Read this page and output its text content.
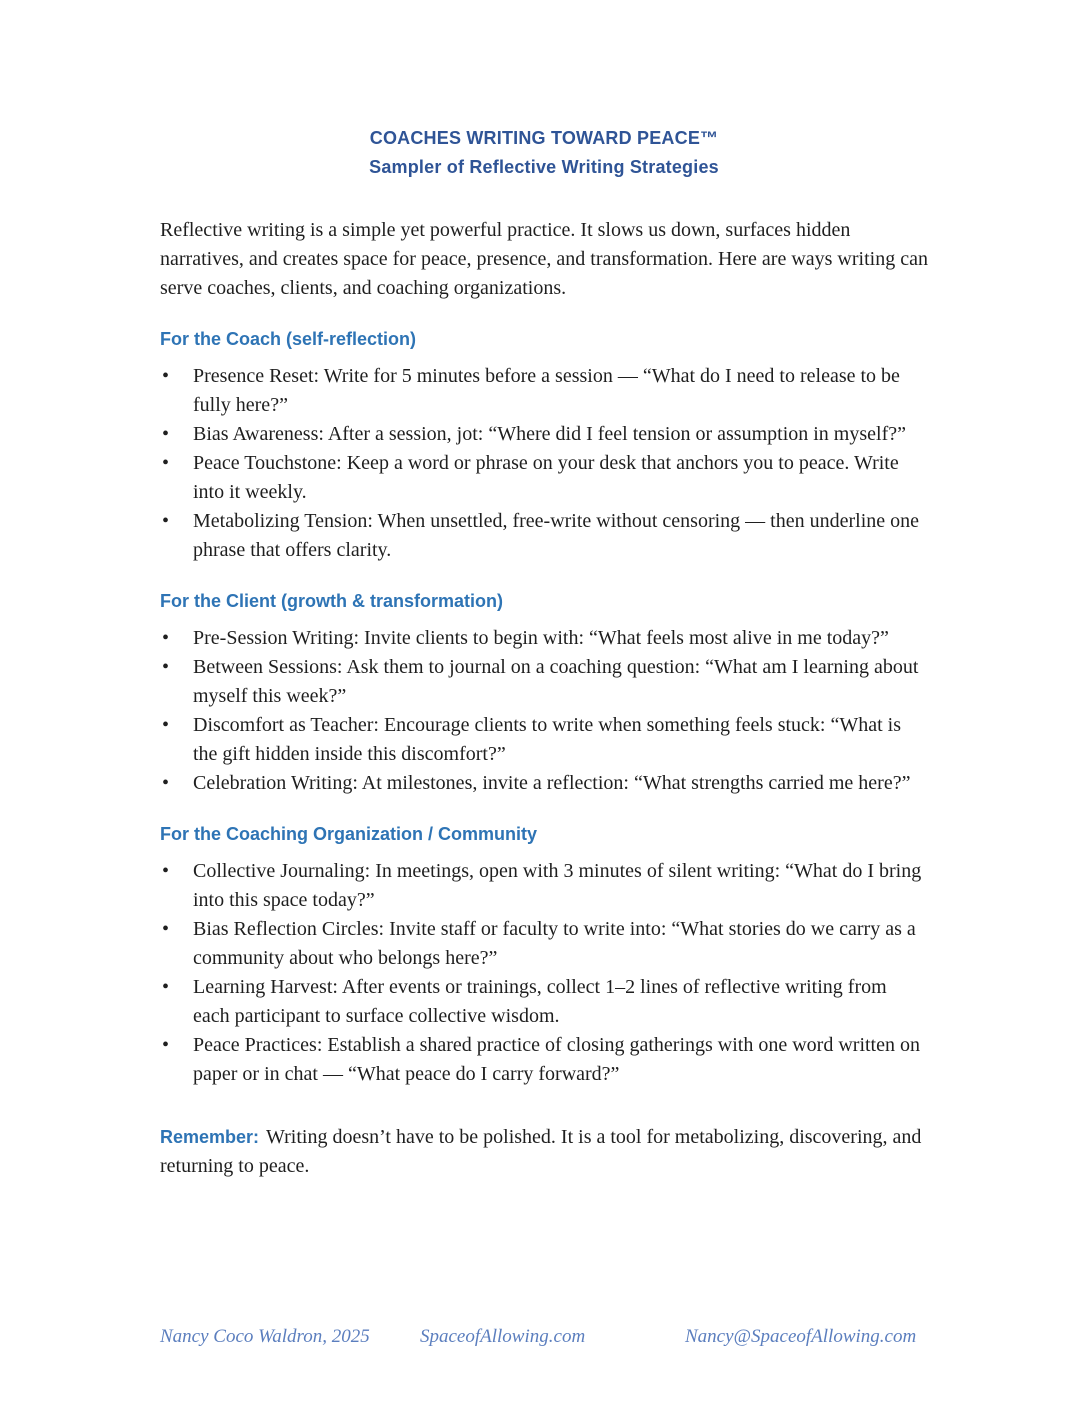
COACHES WRITING TOWARD PEACE™
Sampler of Reflective Writing Strategies

Reflective writing is a simple yet powerful practice. It slows us down, surfaces hidden narratives, and creates space for peace, presence, and transformation. Here are ways writing can serve coaches, clients, and coaching organizations.

For the Coach (self-reflection)
• Presence Reset: Write for 5 minutes before a session — “What do I need to release to be fully here?”
• Bias Awareness: After a session, jot: “Where did I feel tension or assumption in myself?”
• Peace Touchstone: Keep a word or phrase on your desk that anchors you to peace. Write into it weekly.
• Metabolizing Tension: When unsettled, free-write without censoring — then underline one phrase that offers clarity.
For the Client (growth & transformation)
• Pre-Session Writing: Invite clients to begin with: “What feels most alive in me today?”
• Between Sessions: Ask them to journal on a coaching question: “What am I learning about myself this week?”
• Discomfort as Teacher: Encourage clients to write when something feels stuck: “What is the gift hidden inside this discomfort?”
• Celebration Writing: At milestones, invite a reflection: “What strengths carried me here?”
For the Coaching Organization / Community
• Collective Journaling: In meetings, open with 3 minutes of silent writing: “What do I bring into this space today?”
• Bias Reflection Circles: Invite staff or faculty to write into: “What stories do we carry as a community about who belongs here?”
• Learning Harvest: After events or trainings, collect 1–2 lines of reflective writing from each participant to surface collective wisdom.
• Peace Practices: Establish a shared practice of closing gatherings with one word written on paper or in chat — “What peace do I carry forward?”

Remember: Writing doesn’t have to be polished. It is a tool for metabolizing, discovering, and returning to peace.

Nancy Coco Waldron, 2025	SpaceofAllowing.com	Nancy@SpaceofAllowing.com
